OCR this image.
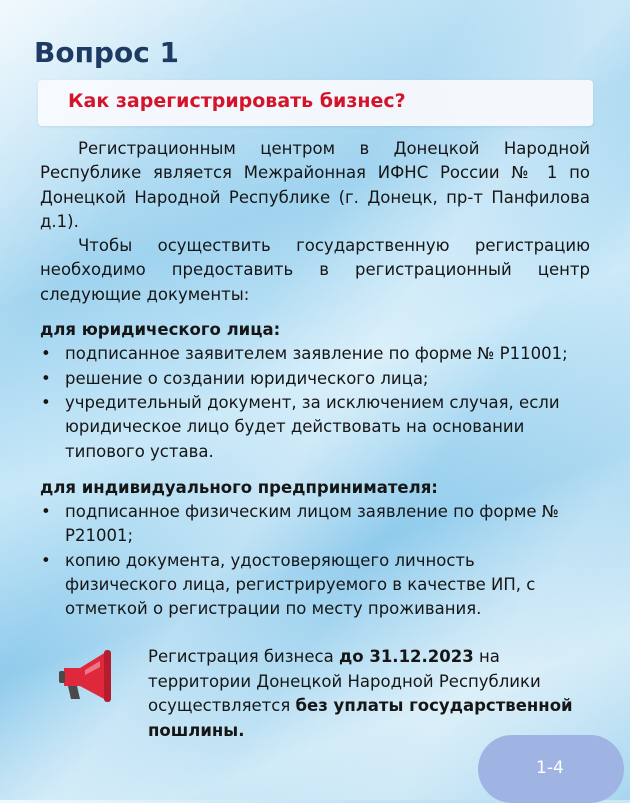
Вопрос 1
Как зарегистрировать бизнес?

Регистрационным центром в Донецкой Народной Республике является Межрайонная ИФНС России № 1 по Донецкой Народной Республике (г. Донецк, пр-т Панфилова д.1).

Чтобы осуществить государственную регистрацию необходимо предоставить в регистрационный центр следующие документы:

для юридического лица:

• подписанное заявителем заявление по форме № Р11001;
• решение о создании юридического лица;
• учредительный документ, за исключением случая, если юридическое лицо будет действовать на основании типового устава.

для индивидуального предпринимателя:

• подписанное физическим лицом заявление по форме № Р21001;
• копию документа, удостоверяющего личность физического лица, регистрируемого в качестве ИП, с отметкой о регистрации по месту проживания.
Регистрация бизнеса до 31.12.2023 на территории Донецкой Народной Республики осуществляется без уплаты государственной пошлины.
1-4
